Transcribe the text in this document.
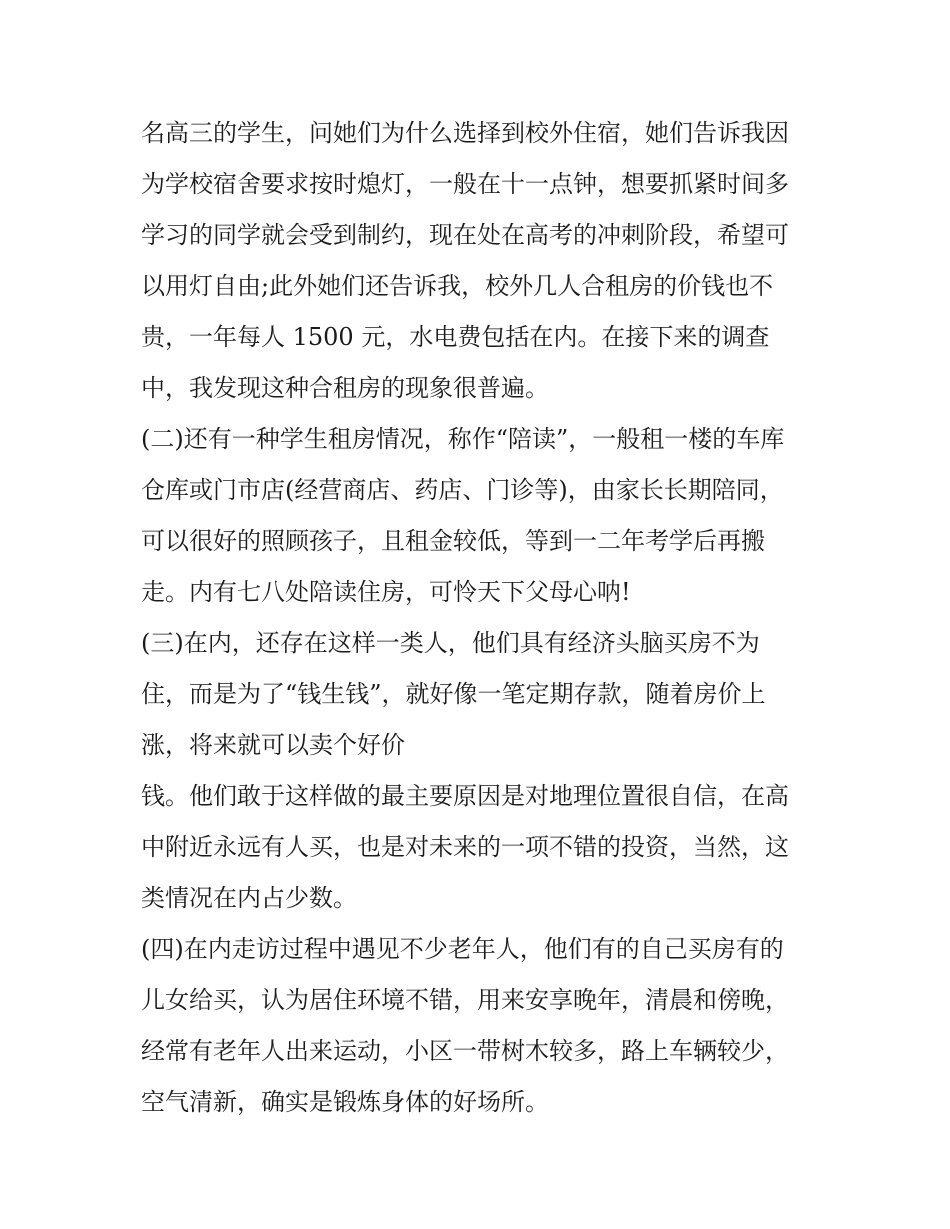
名高三的学生，问她们为什么选择到校外住宿，她们告诉我因
为学校宿舍要求按时熄灯，一般在十一点钟，想要抓紧时间多
学习的同学就会受到制约，现在处在高考的冲刺阶段，希望可
以用灯自由;此外她们还告诉我，校外几人合租房的价钱也不
贵，一年每人 1500 元，水电费包括在内。在接下来的调查
中，我发现这种合租房的现象很普遍。
(二)还有一种学生租房情况，称作“陪读”，一般租一楼的车库
仓库或门市店(经营商店、药店、门诊等)，由家长长期陪同，
可以很好的照顾孩子，且租金较低，等到一二年考学后再搬
走。内有七八处陪读住房，可怜天下父母心呐!
(三)在内，还存在这样一类人，他们具有经济头脑买房不为
住，而是为了“钱生钱”，就好像一笔定期存款，随着房价上
涨，将来就可以卖个好价
钱。他们敢于这样做的最主要原因是对地理位置很自信，在高
中附近永远有人买，也是对未来的一项不错的投资，当然，这
类情况在内占少数。
(四)在内走访过程中遇见不少老年人，他们有的自己买房有的
儿女给买，认为居住环境不错，用来安享晚年，清晨和傍晚，
经常有老年人出来运动，小区一带树木较多，路上车辆较少，
空气清新，确实是锻炼身体的好场所。
